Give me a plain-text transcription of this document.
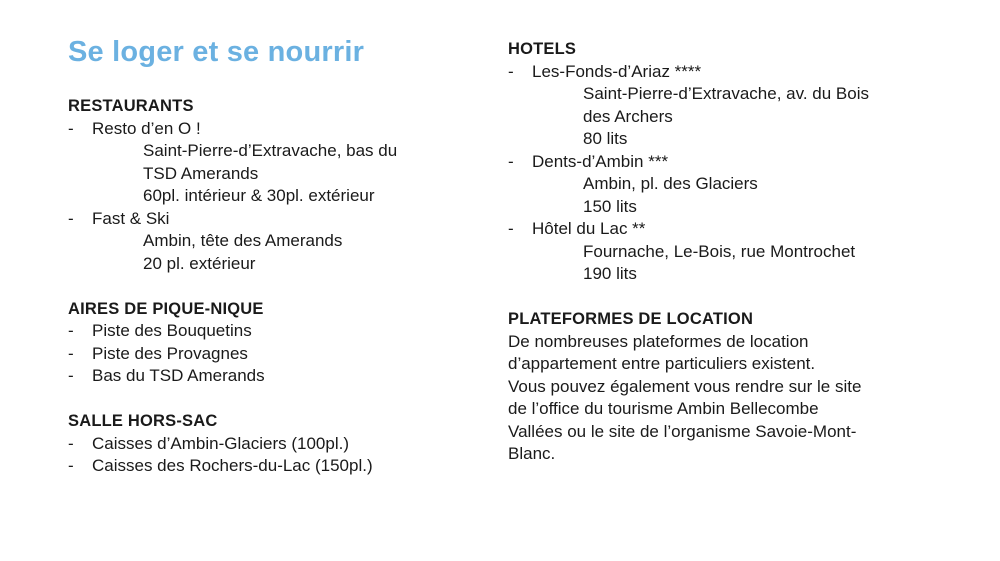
Se loger et se nourrir
RESTAURANTS
- Resto d’en O !
Saint-Pierre-d’Extravache, bas du
TSD Amerands
60pl. intérieur & 30pl. extérieur
- Fast & Ski
Ambin, tête des Amerands
20 pl. extérieur
AIRES DE PIQUE-NIQUE
- Piste des Bouquetins
- Piste des Provagnes
- Bas du TSD Amerands
SALLE HORS-SAC
- Caisses d’Ambin-Glaciers (100pl.)
- Caisses des Rochers-du-Lac (150pl.)
HOTELS
- Les-Fonds-d’Ariaz ****
Saint-Pierre-d’Extravache, av. du Bois
des Archers
80 lits
- Dents-d’Ambin ***
Ambin, pl. des Glaciers
150 lits
- Hôtel du Lac **
Fournache, Le-Bois, rue Montrochet
190 lits
PLATEFORMES DE LOCATION
De nombreuses plateformes de location
d’appartement entre particuliers existent.
Vous pouvez également vous rendre sur le site
de l’office du tourisme Ambin Bellecombe
Vallées ou le site de l’organisme Savoie-Mont-
Blanc.
